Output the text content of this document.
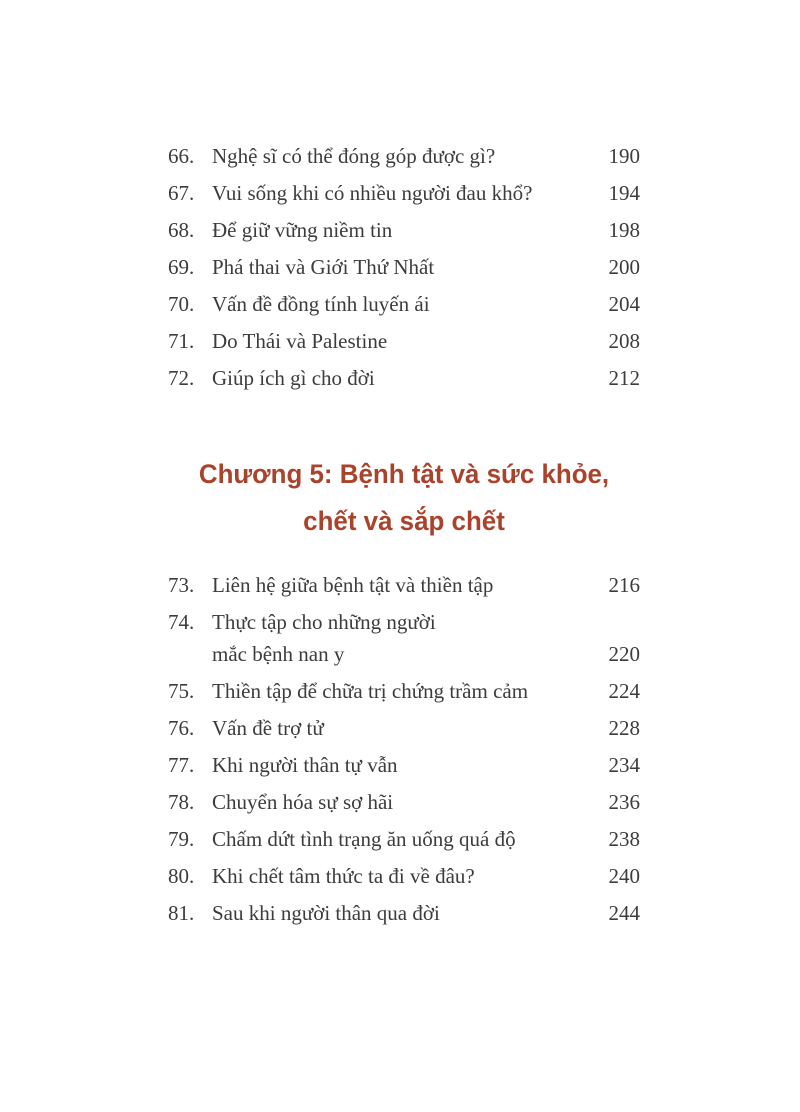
66. Nghệ sĩ có thể đóng góp được gì?	190
67. Vui sống khi có nhiều người đau khổ?	194
68. Để giữ vững niềm tin	198
69. Phá thai và Giới Thứ Nhất	200
70. Vấn đề đồng tính luyến ái	204
71. Do Thái và Palestine	208
72. Giúp ích gì cho đời	212
Chương 5: Bệnh tật và sức khỏe,
chết và sắp chết
73. Liên hệ giữa bệnh tật và thiền tập	216
74. Thực tập cho những người
mắc bệnh nan y	220
75. Thiền tập để chữa trị chứng trầm cảm	224
76. Vấn đề trợ tử	228
77. Khi người thân tự vẫn	234
78. Chuyển hóa sự sợ hãi	236
79. Chấm dứt tình trạng ăn uống quá độ	238
80. Khi chết tâm thức ta đi về đâu?	240
81. Sau khi người thân qua đời	244
